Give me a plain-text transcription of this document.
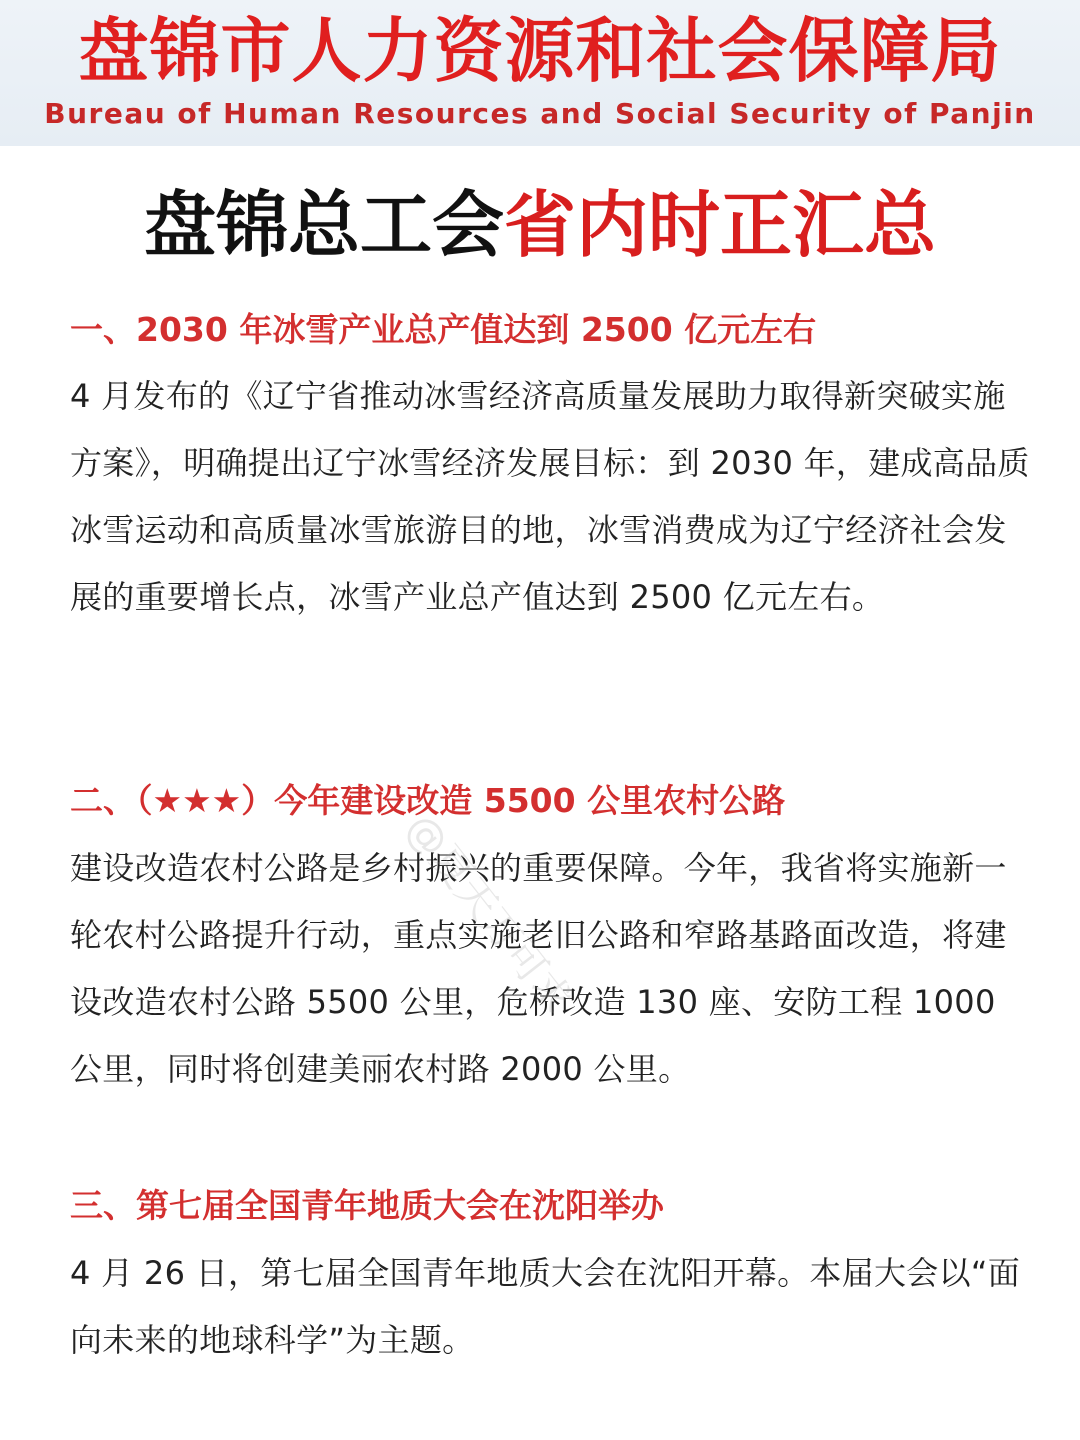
盘锦市人力资源和社会保障局
Bureau of Human Resources and Social Security of Panjin
盘锦总工会省内时正汇总
一、2030 年冰雪产业总产值达到 2500 亿元左右

4 月发布的《辽宁省推动冰雪经济高质量发展助力取得新突破实施方案》，明确提出辽宁冰雪经济发展目标：到 2030 年，建成高品质冰雪运动和高质量冰雪旅游目的地，冰雪消费成为辽宁经济社会发展的重要增长点，冰雪产业总产值达到 2500 亿元左右。

二、（★★★）今年建设改造 5500 公里农村公路

建设改造农村公路是乡村振兴的重要保障。今年，我省将实施新一轮农村公路提升行动，重点实施老旧公路和窄路基路面改造，将建设改造农村公路 5500 公里，危桥改造 130 座、安防工程 1000 公里，同时将创建美丽农村路 2000 公里。

三、第七届全国青年地质大会在沈阳举办

4 月 26 日，第七届全国青年地质大会在沈阳开幕。本届大会以“面向未来的地球科学”为主题。

@夏天万可求
